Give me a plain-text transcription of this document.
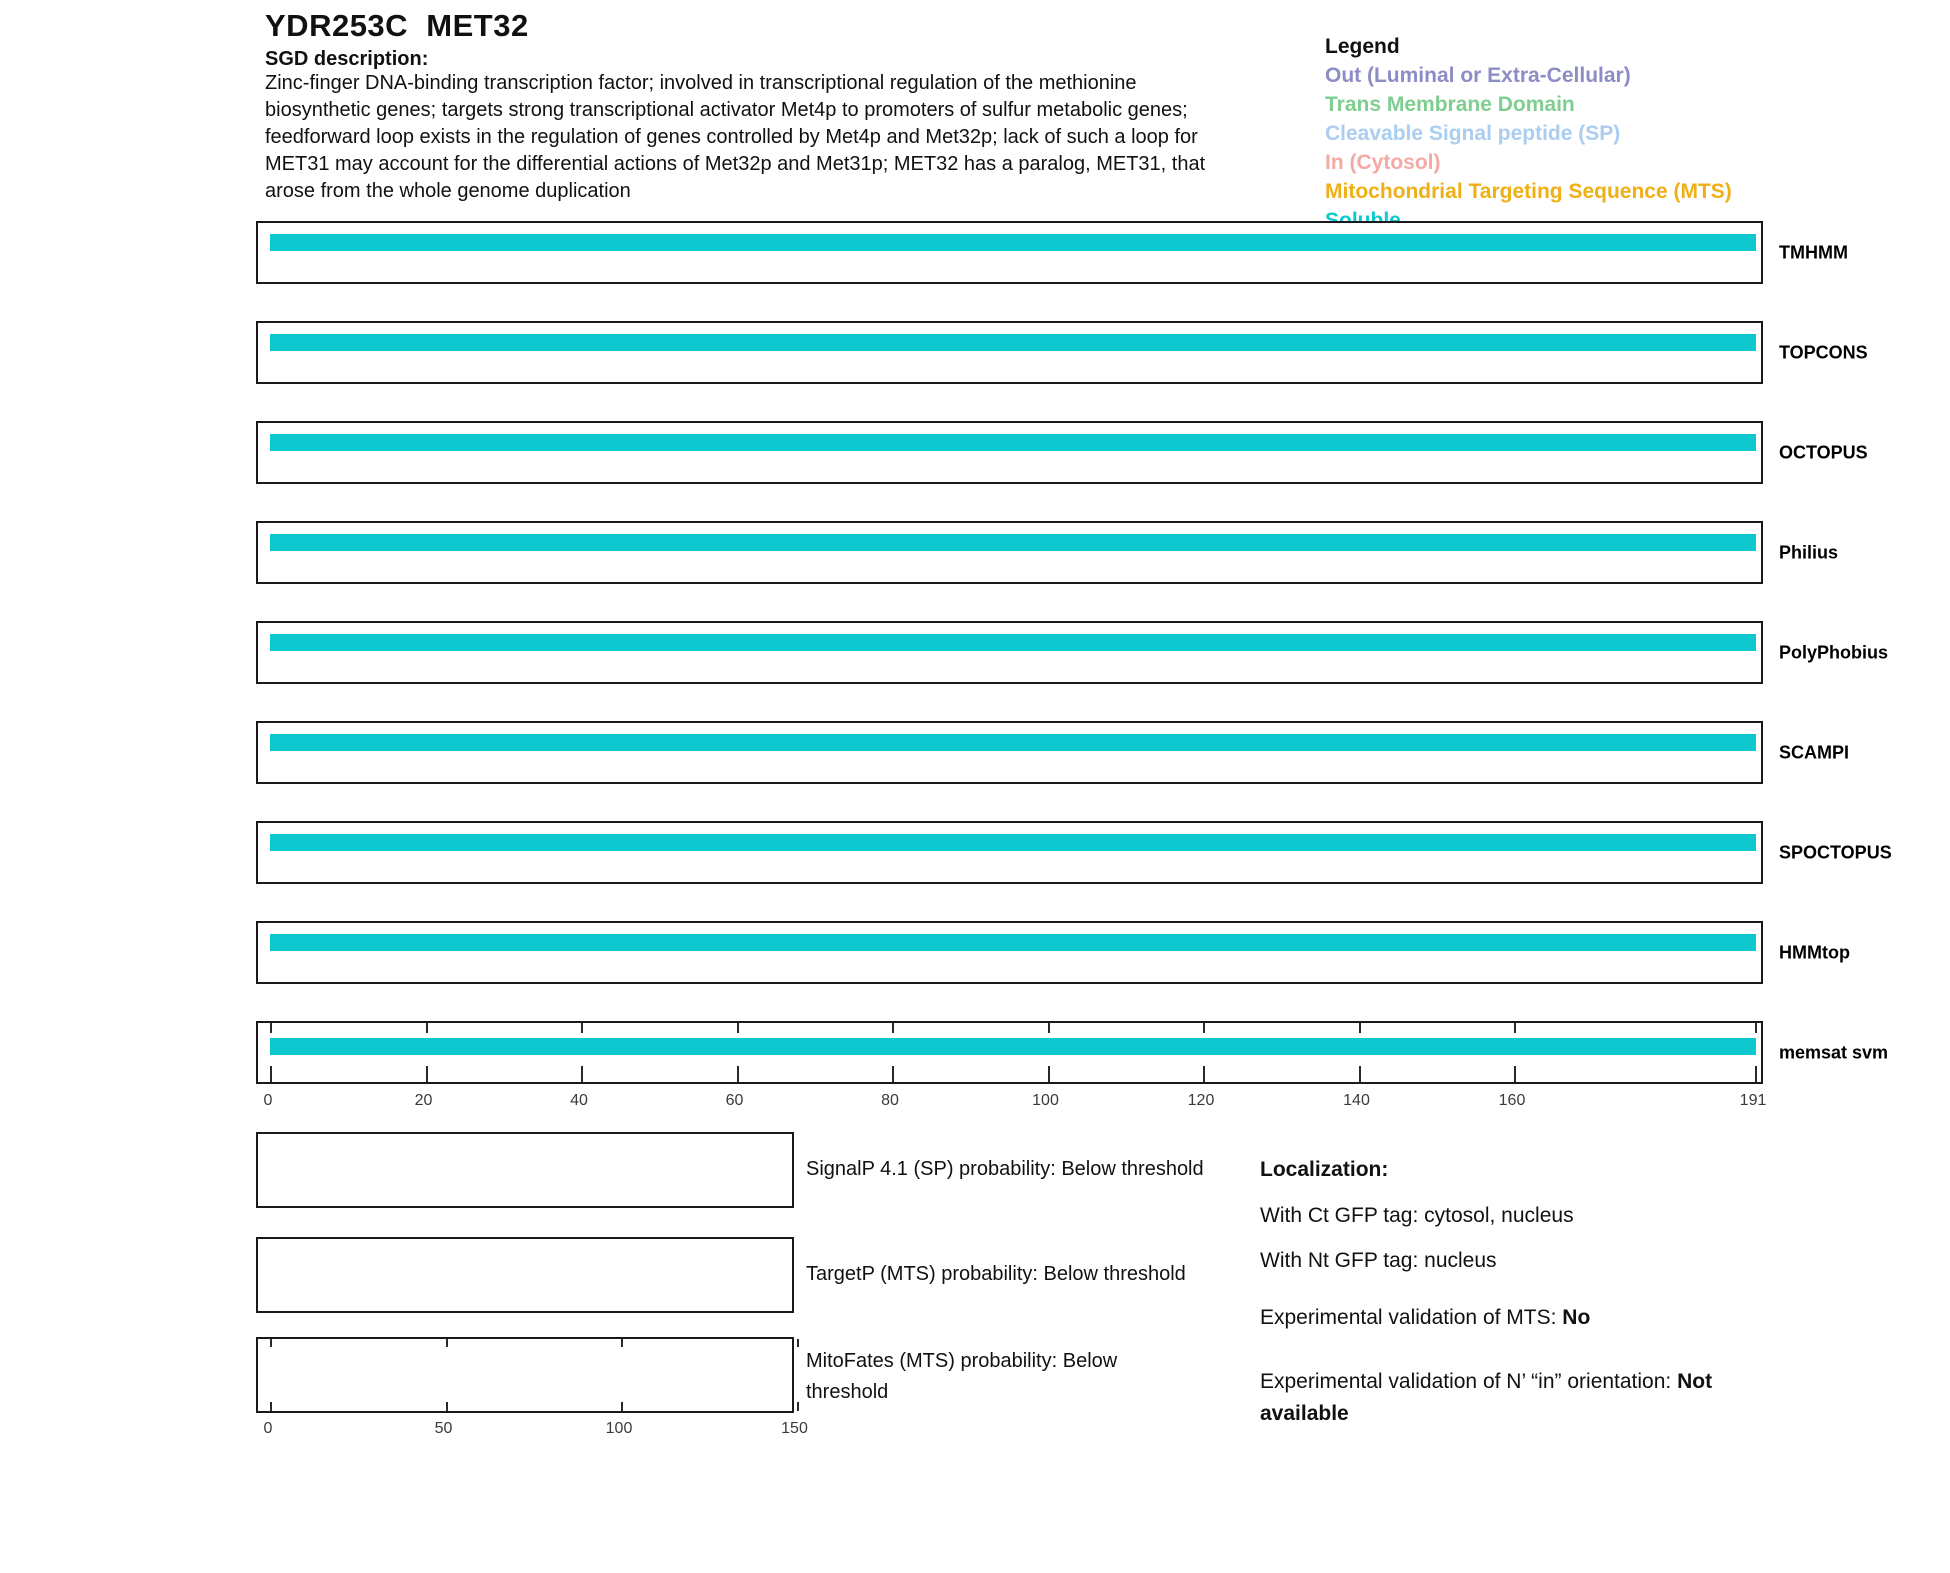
YDR253C  MET32
SGD description:
Zinc-finger DNA-binding transcription factor; involved in transcriptional regulation of the methionine
biosynthetic genes; targets strong transcriptional activator Met4p to promoters of sulfur metabolic genes;
feedforward loop exists in the regulation of genes controlled by Met4p and Met32p; lack of such a loop for
MET31 may account for the differential actions of Met32p and Met31p; MET32 has a paralog, MET31, that
arose from the whole genome duplication
Legend
Out (Luminal or Extra-Cellular)
Trans Membrane Domain
Cleavable Signal peptide (SP)
In (Cytosol)
Mitochondrial Targeting Sequence (MTS)
TMHMM
TOPCONS
OCTOPUS
Philius
PolyPhobius
SCAMPI
SPOCTOPUS
HMMtop
memsat svm
0	20	40	60	80	100	120	140	160	191
0	50	100	150
SignalP 4.1 (SP) probability: Below threshold
TargetP (MTS) probability: Below threshold
MitoFates (MTS) probability: Below threshold
Localization:
With Ct GFP tag: cytosol, nucleus
With Nt GFP tag: nucleus
Experimental validation of MTS: No
Experimental validation of N’ “in” orientation: Not available
